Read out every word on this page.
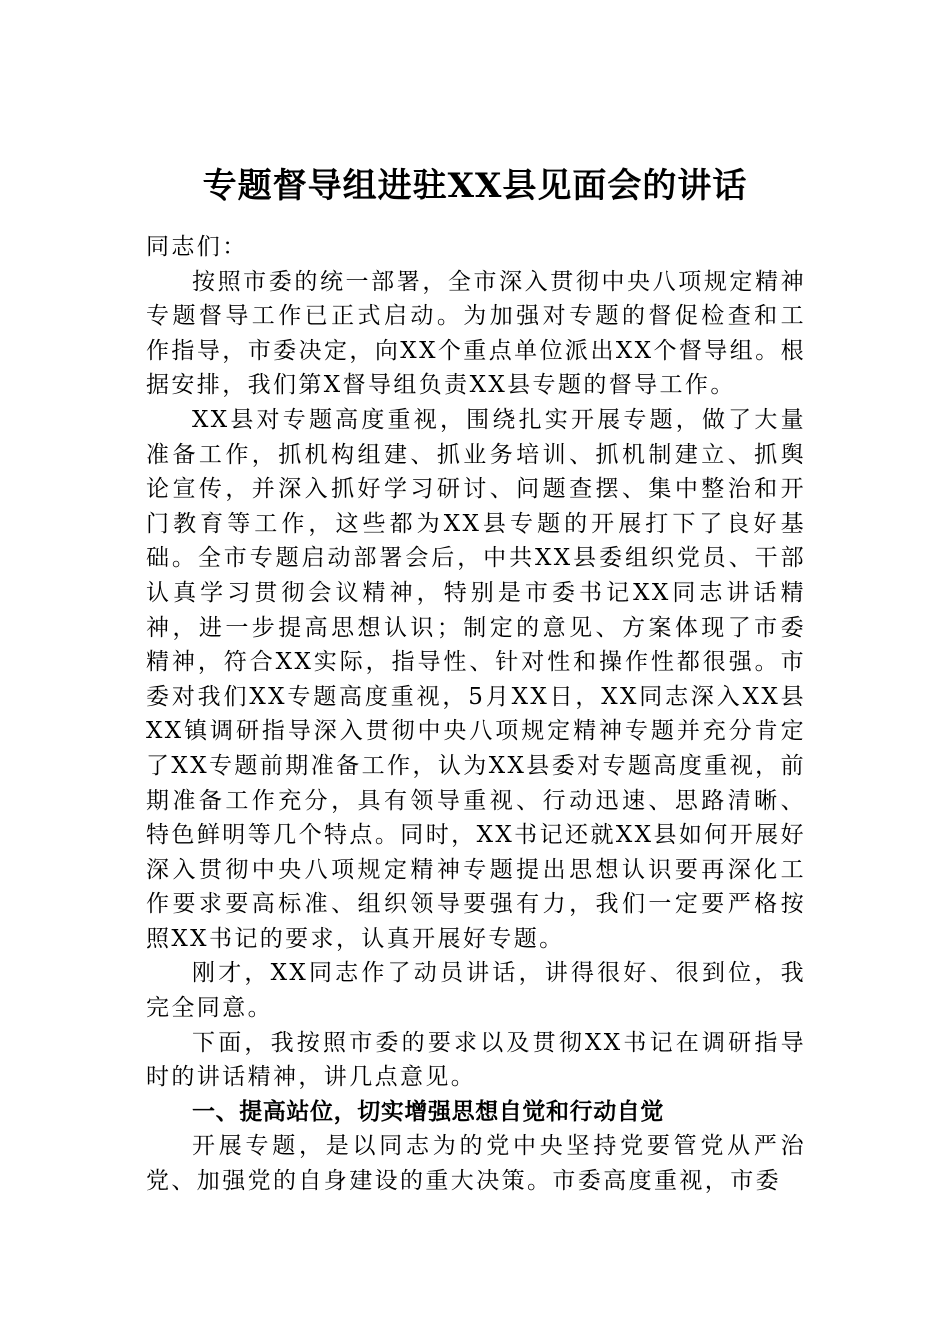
专题督导组进驻XX县见面会的讲话

同志们：

按照市委的统一部署，全市深入贯彻中央八项规定精神专题督导工作已正式启动。为加强对专题的督促检查和工作指导，市委决定，向XX个重点单位派出XX个督导组。根据安排，我们第X督导组负责XX县专题的督导工作。

XX县对专题高度重视，围绕扎实开展专题，做了大量准备工作，抓机构组建、抓业务培训、抓机制建立、抓舆论宣传，并深入抓好学习研讨、问题查摆、集中整治和开门教育等工作，这些都为XX县专题的开展打下了良好基础。全市专题启动部署会后，中共XX县委组织党员、干部认真学习贯彻会议精神，特别是市委书记XX同志讲话精神，进一步提高思想认识；制定的意见、方案体现了市委精神，符合XX实际，指导性、针对性和操作性都很强。市委对我们XX专题高度重视，5月XX日，XX同志深入XX县XX镇调研指导深入贯彻中央八项规定精神专题并充分肯定了XX专题前期准备工作，认为XX县委对专题高度重视，前期准备工作充分，具有领导重视、行动迅速、思路清晰、特色鲜明等几个特点。同时，XX书记还就XX县如何开展好深入贯彻中央八项规定精神专题提出思想认识要再深化工作要求要高标准、组织领导要强有力，我们一定要严格按照XX书记的要求，认真开展好专题。

刚才，XX同志作了动员讲话，讲得很好、很到位，我完全同意。

下面，我按照市委的要求以及贯彻XX书记在调研指导时的讲话精神，讲几点意见。

一、提高站位，切实增强思想自觉和行动自觉

开展专题，是以同志为的党中央坚持党要管党从严治党、加强党的自身建设的重大决策。市委高度重视，市委
